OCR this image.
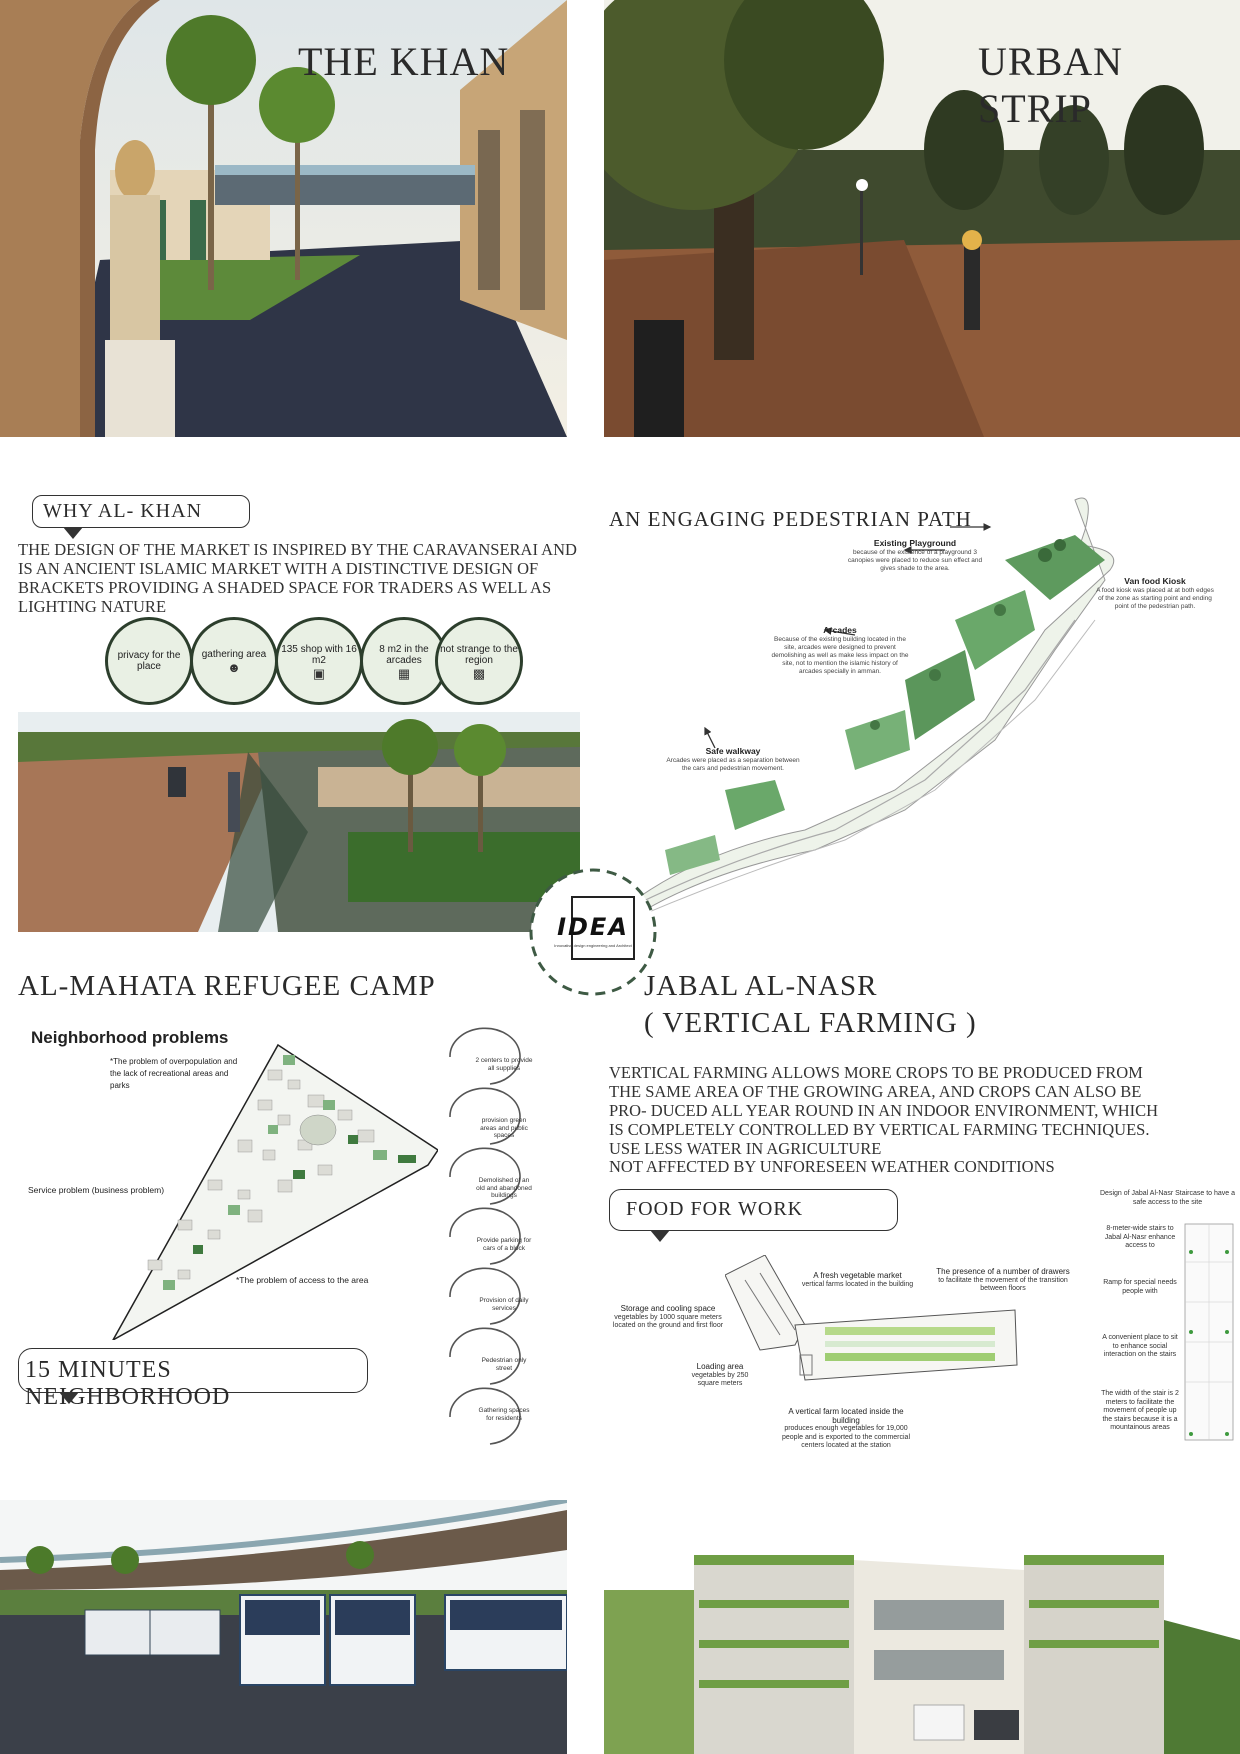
THE KHAN	URBAN STRIP
WHY AL- KHAN

THE DESIGN OF THE MARKET IS INSPIRED BY THE CARAVANSERAI AND IS AN ANCIENT ISLAMIC MARKET WITH A DISTINCTIVE DESIGN OF BRACKETS PROVIDING A SHADED SPACE FOR TRADERS AS WELL AS LIGHTING NATURE

privacy for the place
gathering area
☻
135 shop with 16 m2
▣
8 m2 in the arcades
▦
not strange to the region
▩
AN ENGAGING PEDESTRIAN PATH
Existing Playground
because of the existence of a playground 3 canopies were placed to reduce sun effect and gives shade to the area.
Van food Kiosk
A food kiosk was placed at at both edges of the zone as starting point and ending point of the pedestrian path.
Arcades
Because of the existing building located in the site, arcades were designed to prevent demolishing as well as make less impact on the site, not to mention the islamic history of arcades specially in amman.
Safe walkway
Arcades were placed as a separation between the cars and pedestrian movement.
IDEA
Innovative design engineering and Architect
AL-MAHATA REFUGEE CAMP
Neighborhood problems
*The problem of overpopulation and the lack of recreational areas and parks
Service problem (business problem)
*The problem of access to the area
2 centers to provide all supplies
provision green areas and public spaces
Demolished of an old and abandoned buildings
Provide parking for cars of a block
Provision of daily services
Pedestrian only street
Gathering spaces for residents
15 MINUTES NEIGHBORHOOD
JABAL AL-NASR
( VERTICAL FARMING )

VERTICAL FARMING ALLOWS MORE CROPS TO BE PRODUCED FROM THE SAME AREA OF THE GROWING AREA, AND CROPS CAN ALSO BE PRO- DUCED ALL YEAR ROUND IN AN INDOOR ENVIRONMENT, WHICH IS COMPLETELY CONTROLLED BY VERTICAL FARMING TECHNIQUES.

USE LESS WATER IN AGRICULTURE

NOT AFFECTED BY UNFORESEEN WEATHER CONDITIONS

FOOD FOR WORK
A fresh vegetable market
vertical farms located in the building
The presence of a number of drawers
to facilitate the movement of the transition between floors
Storage and cooling space
vegetables by 1000 square meters located on the ground and first floor
Loading area
vegetables by 250 square meters
A vertical farm located inside the building
produces enough vegetables for 19,000 people and is exported to the commercial centers located at the station
Design of Jabal Al-Nasr Staircase to have a safe access to the site
8-meter-wide stairs to Jabal Al-Nasr enhance access to
Ramp for special needs people with
A convenient place to sit to enhance social interaction on the stairs
The width of the stair is 2 meters to facilitate the movement of people up the stairs because it is a mountainous areas
